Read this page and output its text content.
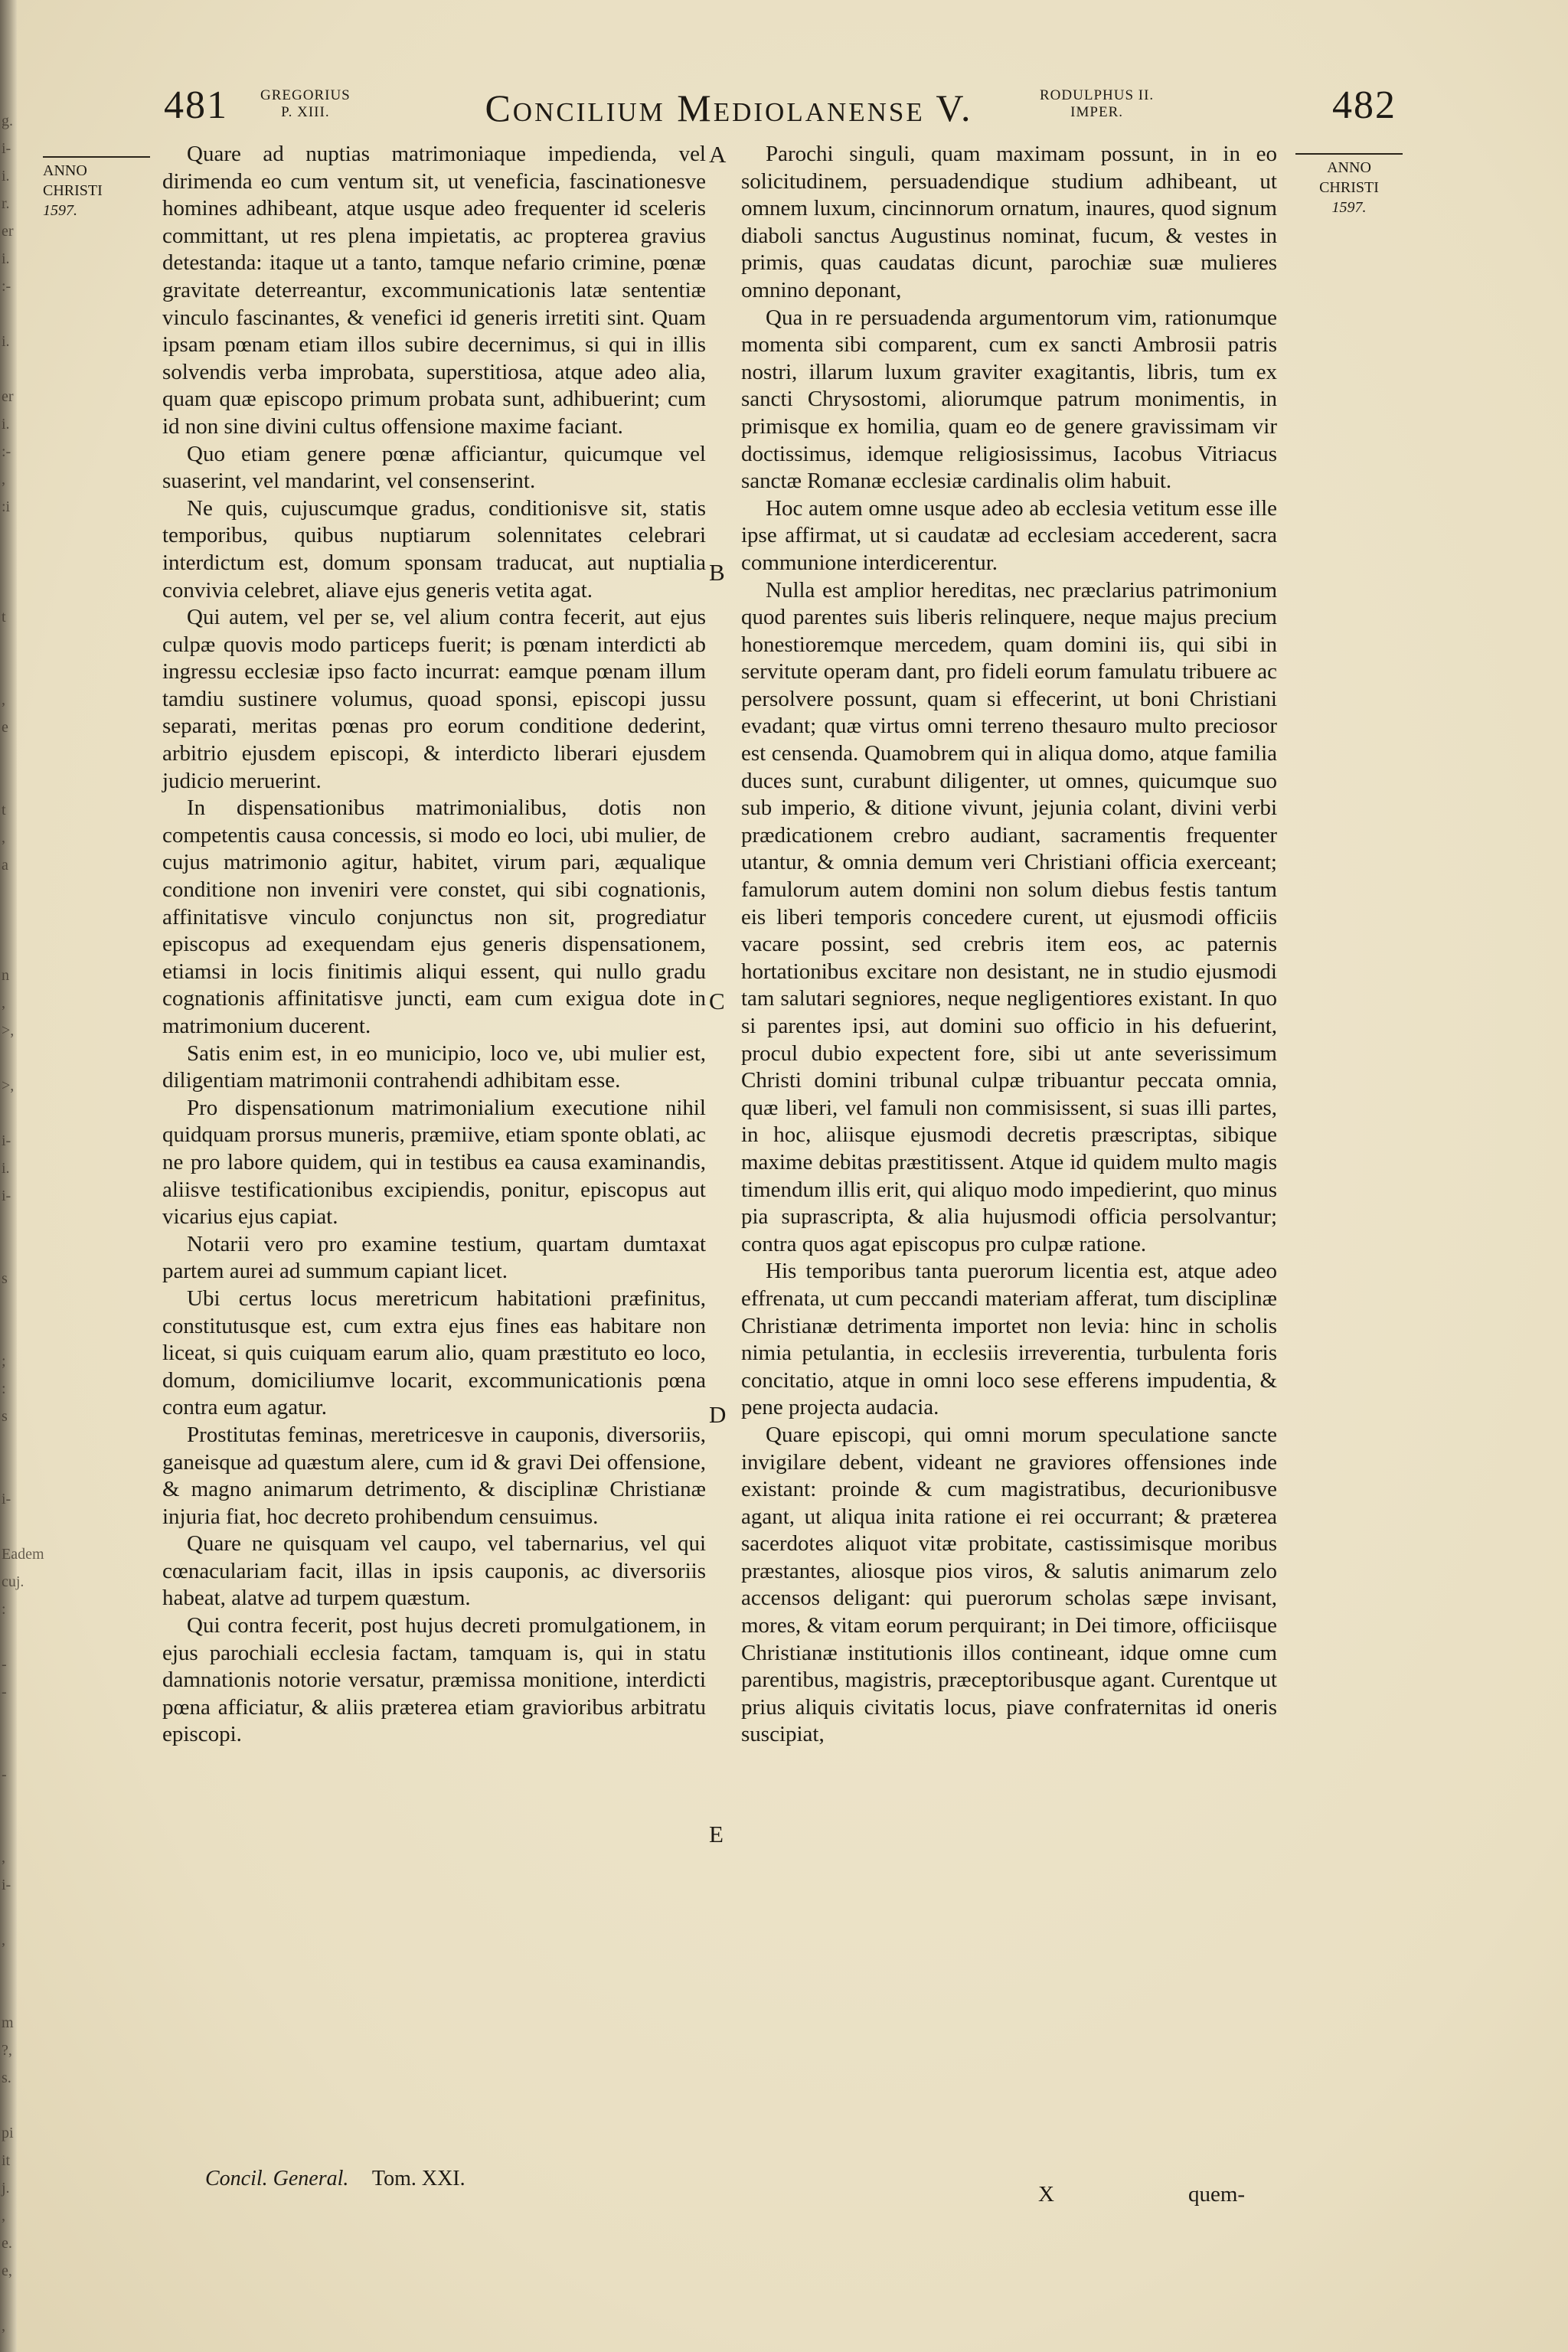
g.
i-
i.
r.
er
i.
:-

i.

er
i.
:-
,
:i

t

,
e

t
,
a

n
,
>,

>,

i-
i.
i-

s

;
:
s

i-

Eadem
cuj.
:

-
-

-

,
i-

,

m
?,
s.

pi
it
j.
,
e.
e,

,
481 GREGORIUS
P. XIII.	Concilium Mediolanense V.	RODULPHUS II.
IMPER.	482
ANNO
CHRISTI
1597.
ANNO
CHRISTI
1597.

Quare ad nuptias matrimoniaque impedienda, vel dirimenda eo cum ventum sit, ut veneficia, fascinationesve homines adhibeant, atque usque adeo frequenter id sceleris committant, ut res plena impietatis, ac propterea gravius detestanda: itaque ut a tanto, tamque nefario crimine, pœnæ gravitate deterreantur, excommunicationis latæ sententiæ vinculo fascinantes, & venefici id generis irretiti sint. Quam ipsam pœnam etiam illos subire decernimus, si qui in illis solvendis verba improbata, superstitiosa, atque adeo alia, quam quæ episcopo primum probata sunt, adhibuerint; cum id non sine divini cultus offensione maxime faciant.

Quo etiam genere pœnæ afficiantur, quicumque vel suaserint, vel mandarint, vel consenserint.

Ne quis, cujuscumque gradus, conditionisve sit, statis temporibus, quibus nuptiarum solennitates celebrari interdictum est, domum sponsam traducat, aut nuptialia convivia celebret, aliave ejus generis vetita agat.

Qui autem, vel per se, vel alium contra fecerit, aut ejus culpæ quovis modo particeps fuerit; is pœnam interdicti ab ingressu ecclesiæ ipso facto incurrat: eamque pœnam illum tamdiu sustinere volumus, quoad sponsi, episcopi jussu separati, meritas pœnas pro eorum conditione dederint, arbitrio ejusdem episcopi, & interdicto liberari ejusdem judicio meruerint.

In dispensationibus matrimonialibus, dotis non competentis causa concessis, si modo eo loci, ubi mulier, de cujus matrimonio agitur, habitet, virum pari, æqualique conditione non inveniri vere constet, qui sibi cognationis, affinitatisve vinculo conjunctus non sit, progrediatur episcopus ad exequendam ejus generis dispensationem, etiamsi in locis finitimis aliqui essent, qui nullo gradu cognationis affinitatisve juncti, eam cum exigua dote in matrimonium ducerent.

Satis enim est, in eo municipio, loco ve, ubi mulier est, diligentiam matrimonii contrahendi adhibitam esse.

Pro dispensationum matrimonialium executione nihil quidquam prorsus muneris, præmiive, etiam sponte oblati, ac ne pro labore quidem, qui in testibus ea causa examinandis, aliisve testificationibus excipiendis, ponitur, episcopus aut vicarius ejus capiat.

Notarii vero pro examine testium, quartam dumtaxat partem aurei ad summum capiant licet.

Ubi certus locus meretricum habitationi præfinitus, constitutusque est, cum extra ejus fines eas habitare non liceat, si quis cuiquam earum alio, quam præstituto eo loco, domum, domiciliumve locarit, excommunicationis pœna contra eum agatur.

Prostitutas feminas, meretricesve in cauponis, diversoriis, ganeisque ad quæstum alere, cum id & gravi Dei offensione, & magno animarum detrimento, & disciplinæ Christianæ injuria fiat, hoc decreto prohibendum censuimus.

Quare ne quisquam vel caupo, vel tabernarius, vel qui cœnaculariam facit, illas in ipsis cauponis, ac diversoriis habeat, alatve ad turpem quæstum.

Qui contra fecerit, post hujus decreti promulgationem, in ejus parochiali ecclesia factam, tamquam is, qui in statu damnationis notorie versatur, præmissa monitione, interdicti pœna afficiatur, & aliis præterea etiam gravioribus arbitratu episcopi.

A
B
C
D
E

Parochi singuli, quam maximam possunt, in in eo solicitudinem, persuadendique studium adhibeant, ut omnem luxum, cincinnorum ornatum, inaures, quod signum diaboli sanctus Augustinus nominat, fucum, & vestes in primis, quas caudatas dicunt, parochiæ suæ mulieres omnino deponant,

Qua in re persuadenda argumentorum vim, rationumque momenta sibi comparent, cum ex sancti Ambrosii patris nostri, illarum luxum graviter exagitantis, libris, tum ex sancti Chrysostomi, aliorumque patrum monimentis, in primisque ex homilia, quam eo de genere gravissimam vir doctissimus, idemque religiosissimus, Iacobus Vitriacus sanctæ Romanæ ecclesiæ cardinalis olim habuit.

Hoc autem omne usque adeo ab ecclesia vetitum esse ille ipse affirmat, ut si caudatæ ad ecclesiam accederent, sacra communione interdicerentur.

Nulla est amplior hereditas, nec præclarius patrimonium quod parentes suis liberis relinquere, neque majus precium honestioremque mercedem, quam domini iis, qui sibi in servitute operam dant, pro fideli eorum famulatu tribuere ac persolvere possunt, quam si effecerint, ut boni Christiani evadant; quæ virtus omni terreno thesauro multo preciosor est censenda. Quamobrem qui in aliqua domo, atque familia duces sunt, curabunt diligenter, ut omnes, quicumque suo sub imperio, & ditione vivunt, jejunia colant, divini verbi prædicationem crebro audiant, sacramentis frequenter utantur, & omnia demum veri Christiani officia exerceant; famulorum autem domini non solum diebus festis tantum eis liberi temporis concedere curent, ut ejusmodi officiis vacare possint, sed crebris item eos, ac paternis hortationibus excitare non desistant, ne in studio ejusmodi tam salutari segniores, neque negligentiores existant. In quo si parentes ipsi, aut domini suo officio in his defuerint, procul dubio expectent fore, sibi ut ante severissimum Christi domini tribunal culpæ tribuantur peccata omnia, quæ liberi, vel famuli non commisissent, si suas illi partes, in hoc, aliisque ejusmodi decretis præscriptas, sibique maxime debitas præstitissent. Atque id quidem multo magis timendum illis erit, qui aliquo modo impedierint, quo minus pia suprascripta, & alia hujusmodi officia persolvantur; contra quos agat episcopus pro culpæ ratione.

His temporibus tanta puerorum licentia est, atque adeo effrenata, ut cum peccandi materiam afferat, tum disciplinæ Christianæ detrimenta importet non levia: hinc in scholis nimia petulantia, in ecclesiis irreverentia, turbulenta foris concitatio, atque in omni loco sese efferens impudentia, & pene projecta audacia.

Quare episcopi, qui omni morum speculatione sancte invigilare debent, videant ne graviores offensiones inde existant: proinde & cum magistratibus, decurionibusve agant, ut aliqua inita ratione ei rei occurrant; & præterea sacerdotes aliquot vitæ probitate, castissimisque moribus præstantes, aliosque pios viros, & salutis animarum zelo accensos deligant: qui puerorum scholas sæpe invisant, mores, & vitam eorum perquirant; in Dei timore, officiisque Christianæ institutionis illos contineant, idque omne cum parentibus, magistris, præceptoribusque agant. Curentque ut prius aliquis civitatis locus, piave confraternitas id oneris suscipiat,

Concil. General. Tom. XXI.
X	quem-
